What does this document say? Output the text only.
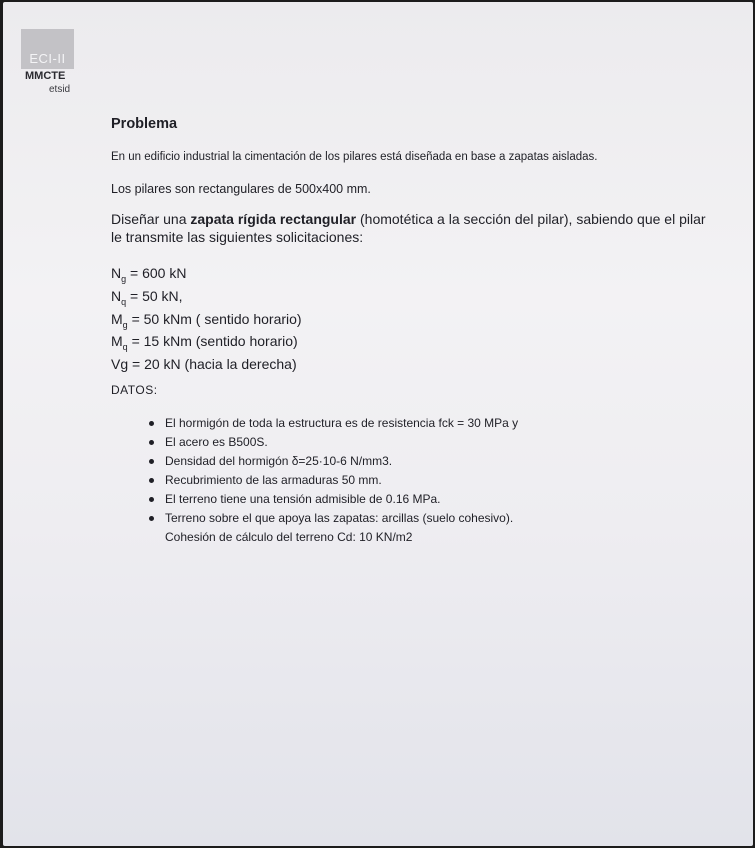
ECI-II
MMCTE
etsid
Problema
En un edificio industrial la cimentación de los pilares está diseñada en base a zapatas aisladas.
Los pilares son rectangulares de 500x400 mm.
Diseñar una zapata rígida rectangular (homotética a la sección del pilar), sabiendo que el pilar le transmite las siguientes solicitaciones:
$N_g = 600$ kN
$N_q = 50$ kN,
$M_g = 50$ kNm ( sentido horario)
$M_q = 15$ kNm (sentido horario)
Vg = 20 kN (hacia la derecha)
DATOS:
El hormigón de toda la estructura es de resistencia fck = 30 MPa y
El acero es B500S.
Densidad del hormigón δ=25·10-6 N/mm3.
Recubrimiento de las armaduras 50 mm.
El terreno tiene una tensión admisible de 0.16 MPa.
Terreno sobre el que apoya las zapatas: arcillas (suelo cohesivo).
Cohesión de cálculo del terreno Cd: 10 KN/m2
